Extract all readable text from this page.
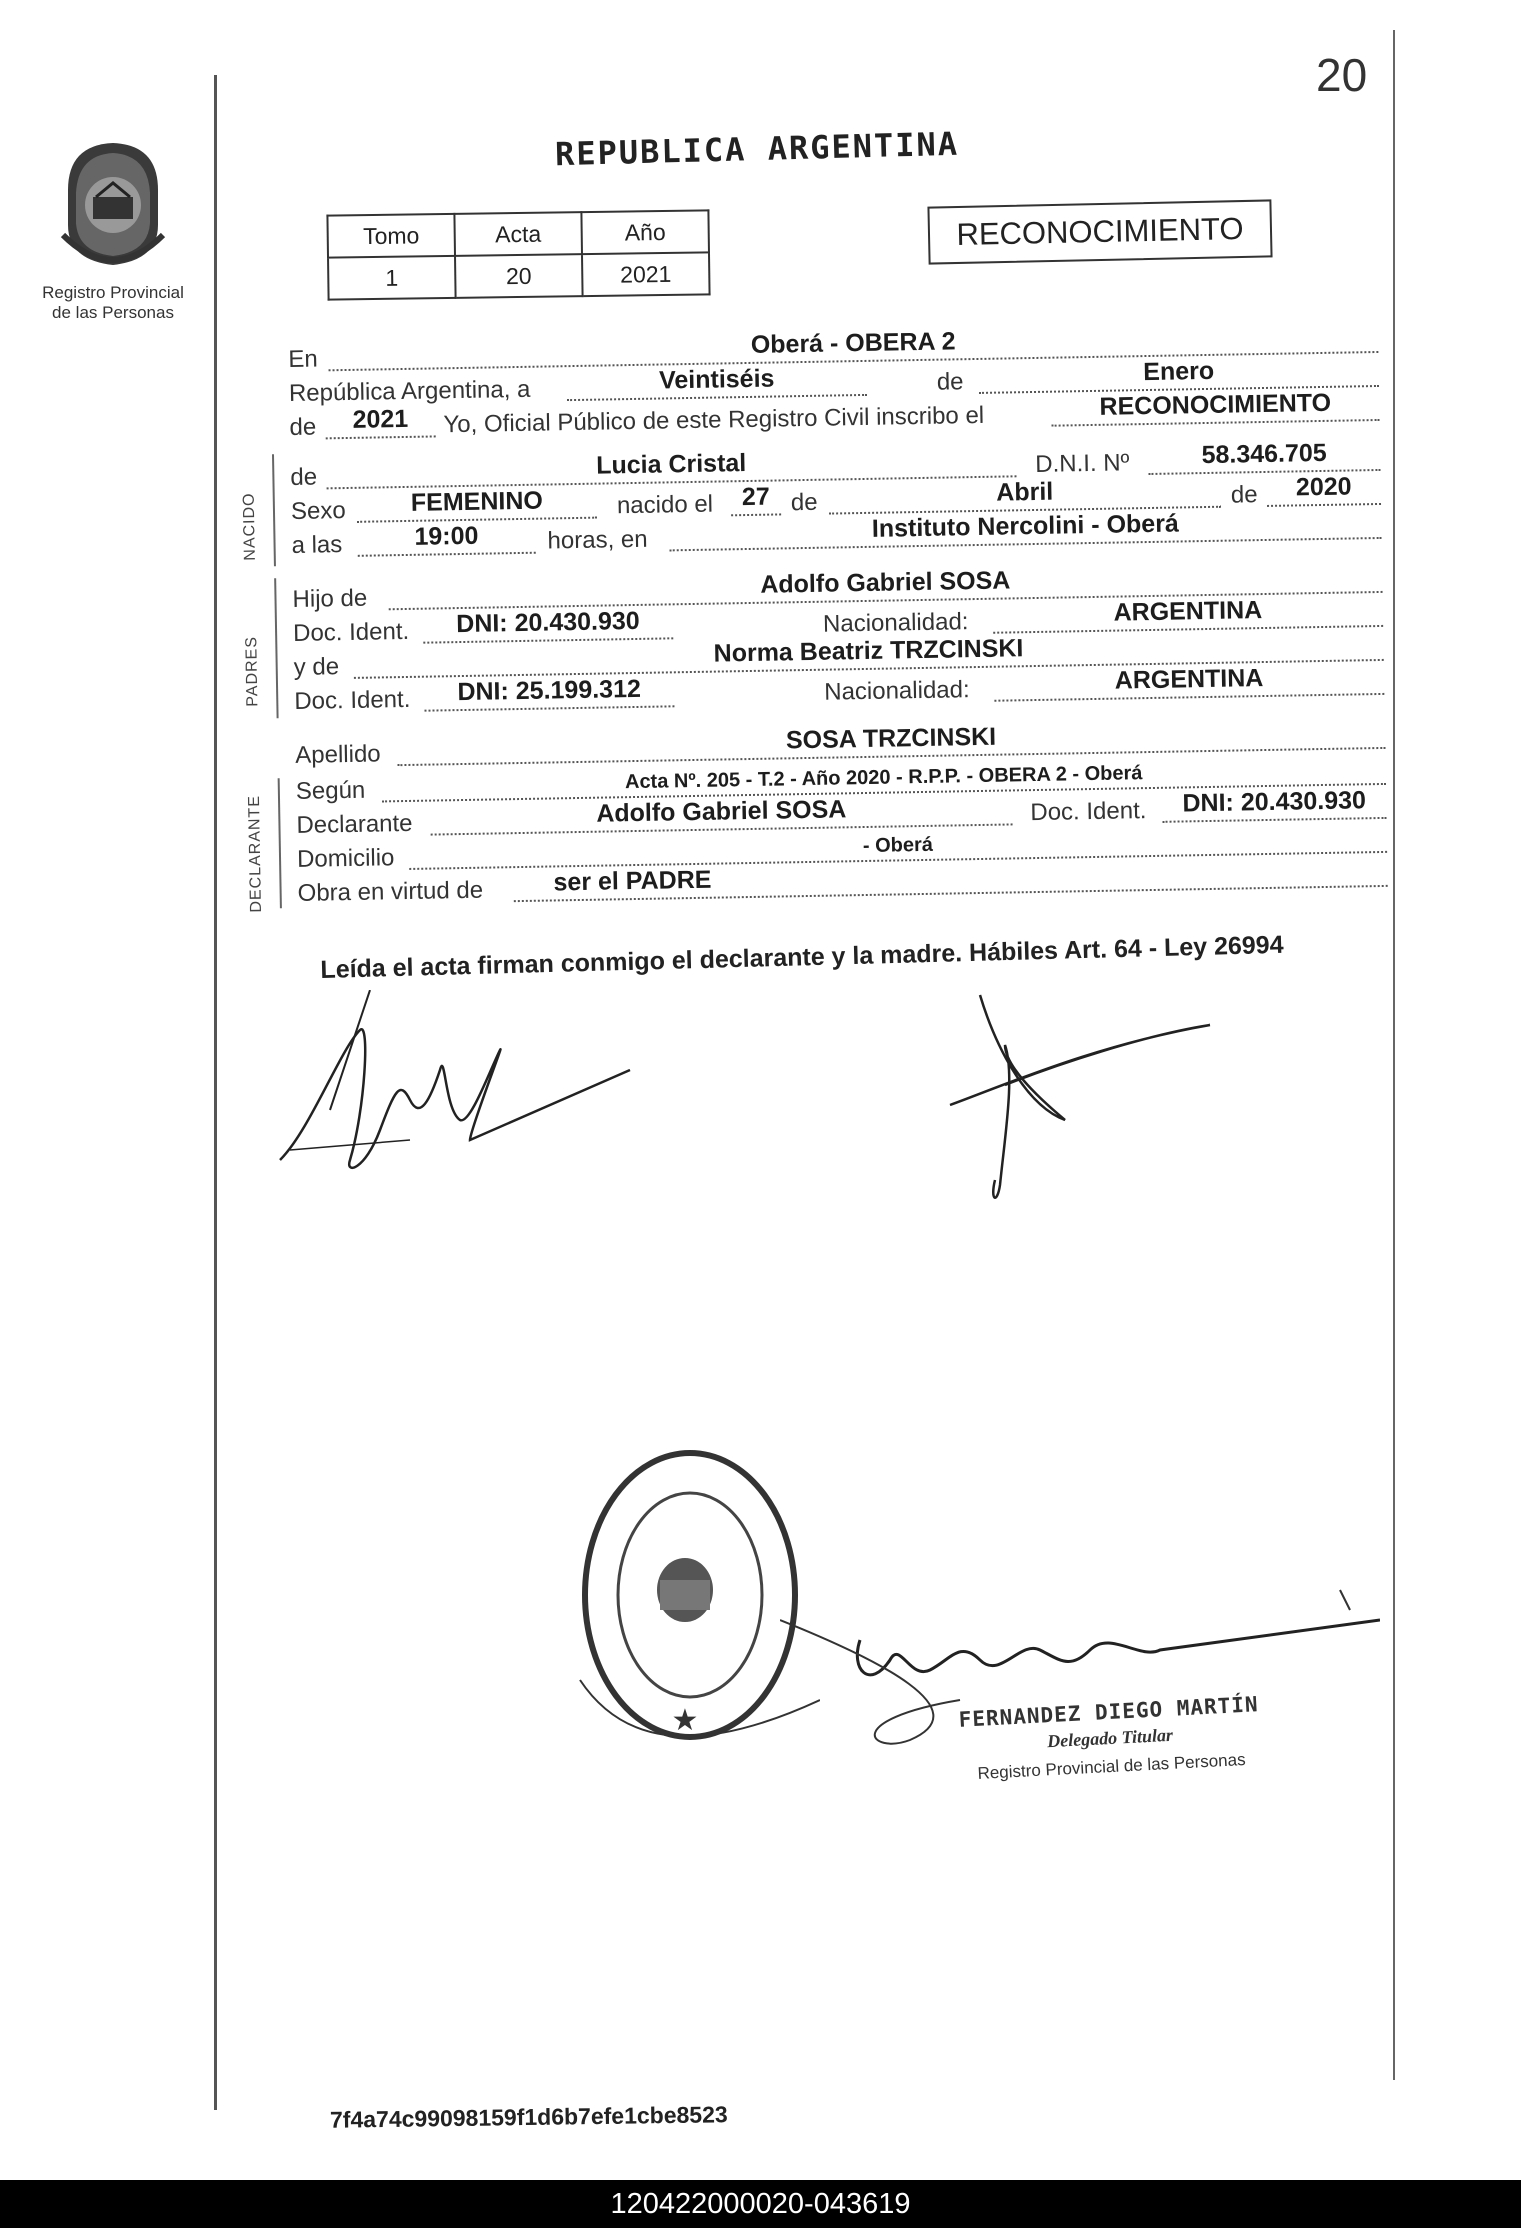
20
Registro Provincial
de las Personas
REPUBLICA ARGENTINA
Tomo	Acta	Año
1	20	2021
RECONOCIMIENTO
En
Oberá - OBERA 2
República Argentina, a	Veintiséis	de	Enero
de	2021	Yo, Oficial Público de este Registro Civil inscribo el	RECONOCIMIENTO
NACIDO
de	Lucia Cristal	D.N.I. Nº	58.346.705
Sexo	FEMENINO	nacido el	27 de	Abril	de	2020
a las	19:00	horas, en	Instituto Nercolini - Oberá
PADRES
Hijo de
Adolfo Gabriel SOSA
Doc. Ident.	DNI: 20.430.930	Nacionalidad:	ARGENTINA
y de	Norma Beatriz TRZCINSKI
Doc. Ident.	DNI: 25.199.312	Nacionalidad:	ARGENTINA
Apellido
SOSA TRZCINSKI
DECLARANTE
Según	Acta Nº. 205 - T.2 - Año 2020 - R.P.P. - OBERA 2 - Oberá
Declarante	Adolfo Gabriel SOSA	Doc. Ident.	DNI: 20.430.930
Domicilio	- Oberá
Obra en virtud de	ser el PADRE
Leída el acta firman conmigo el declarante y la madre. Hábiles Art. 64 - Ley 26994
★	FERNANDEZ DIEGO MARTÍN
Delegado Titular
Registro Provincial de las Personas
7f4a74c99098159f1d6b7efe1cbe8523
120422000020-043619
